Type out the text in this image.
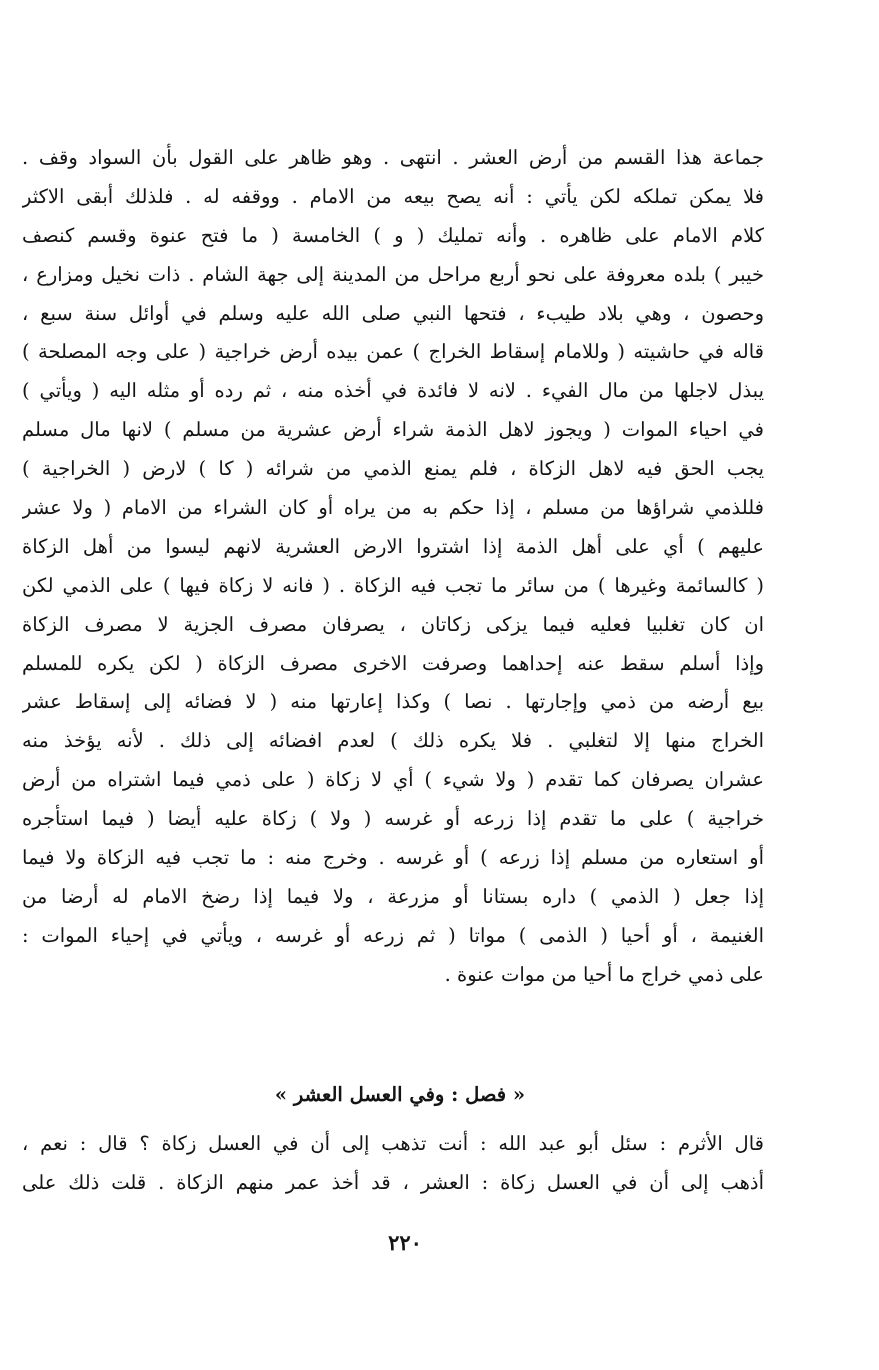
جماعة هذا القسم من أرض العشر . انتهى . وهو ظاهر على القول بأن السواد وقف .
فلا يمكن تملكه لكن يأتي : أنه يصح بيعه من الامام . ووقفه له . فلذلك أبقى الاكثر
كلام الامام على ظاهره . وأنه تمليك ( و ) الخامسة ( ما فتح عنوة وقسم كنصف
خيبر ) بلده معروفة على نحو أربع مراحل من المدينة إلى جهة الشام . ذات نخيل ومزارع ،
وحصون ، وهي بلاد طيبء ، فتحها النبي صلى الله عليه وسلم في أوائل سنة سبع ،
قاله في حاشيته ( وللامام إسقاط الخراج ) عمن بيده أرض خراجية ( على وجه المصلحة )
يبذل لاجلها من مال الفيء . لانه لا فائدة في أخذه منه ، ثم رده أو مثله اليه ( ويأتي )
في احياء الموات ( ويجوز لاهل الذمة شراء أرض عشرية من مسلم ) لانها مال مسلم
يجب الحق فيه لاهل الزكاة ، فلم يمنع الذمي من شرائه ( كا ) لارض ( الخراجية )
فللذمي شراؤها من مسلم ، إذا حكم به من يراه أو كان الشراء من الامام ( ولا عشر
عليهم ) أي على أهل الذمة إذا اشتروا الارض العشرية لانهم ليسوا من أهل الزكاة
( كالسائمة وغيرها ) من سائر ما تجب فيه الزكاة . ( فانه لا زكاة فيها ) على الذمي لكن
ان كان تغلبيا فعليه فيما يزكى زكاتان ، يصرفان مصرف الجزية لا مصرف الزكاة
وإذا أسلم سقط عنه إحداهما وصرفت الاخرى مصرف الزكاة ( لكن يكره للمسلم
بيع أرضه من ذمي وإجارتها . نصا ) وكذا إعارتها منه ( لا فضائه إلى إسقاط عشر
الخراج منها إلا لتغلبي . فلا يكره ذلك ) لعدم افضائه إلى ذلك . لأنه يؤخذ منه
عشران يصرفان كما تقدم ( ولا شيء ) أي لا زكاة ( على ذمي فيما اشتراه من أرض
خراجية ) على ما تقدم إذا زرعه أو غرسه ( ولا ) زكاة عليه أيضا ( فيما استأجره
أو استعاره من مسلم إذا زرعه ) أو غرسه . وخرج منه : ما تجب فيه الزكاة ولا فيما
إذا جعل ( الذمي ) داره بستانا أو مزرعة ، ولا فيما إذا رضخ الامام له أرضا من
الغنيمة ، أو أحيا ( الذمى ) مواتا ( ثم زرعه أو غرسه ، ويأتي في إحياء الموات :
على ذمي خراج ما أحيا من موات عنوة .
« فصل : وفي العسل العشر »
قال الأثرم : سئل أبو عبد الله : أنت تذهب إلى أن في العسل زكاة ؟ قال : نعم ،
أذهب إلى أن في العسل زكاة : العشر ، قد أخذ عمر منهم الزكاة . قلت ذلك على
٢٢٠
